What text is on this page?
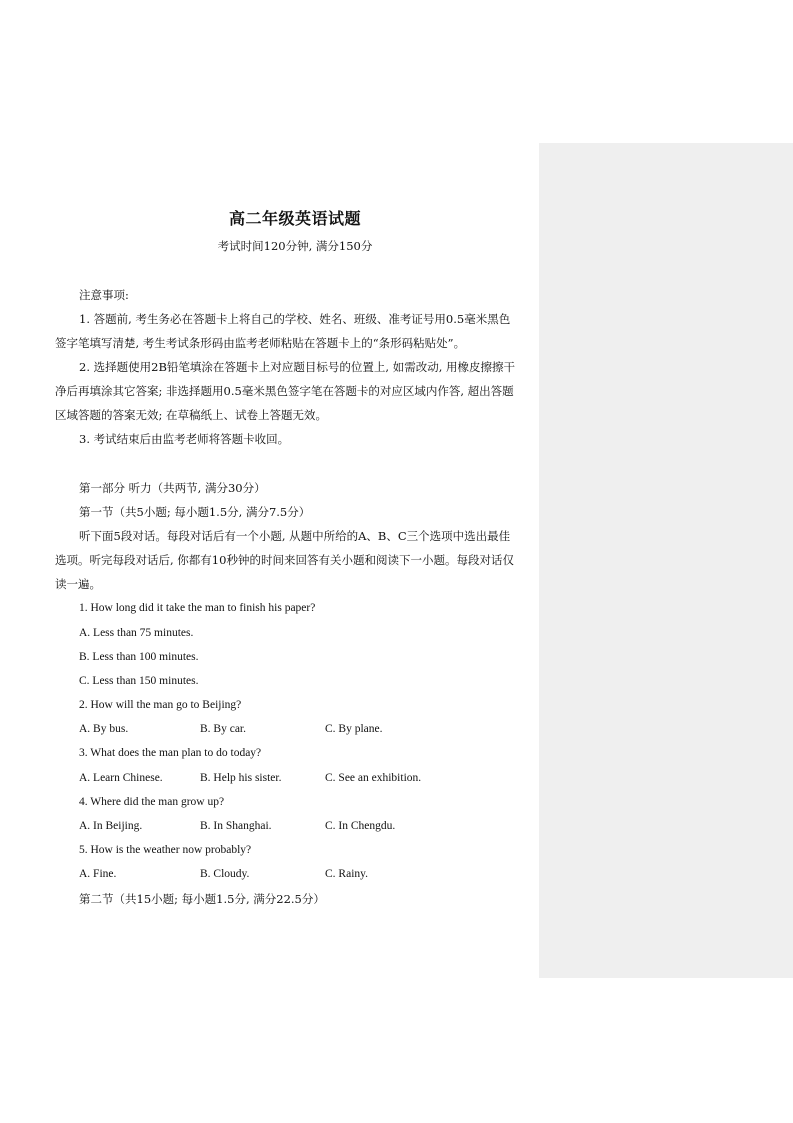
高二年级英语试题
考试时间120分钟, 满分150分
注意事项:
1. 答题前, 考生务必在答题卡上将自己的学校、姓名、班级、准考证号用0.5毫米黑色
签字笔填写清楚, 考生考试条形码由监考老师粘贴在答题卡上的“条形码粘贴处”。
2. 选择题使用2B铅笔填涂在答题卡上对应题目标号的位置上, 如需改动, 用橡皮擦擦干
净后再填涂其它答案; 非选择题用0.5毫米黑色签字笔在答题卡的对应区域内作答, 超出答题
区域答题的答案无效; 在草稿纸上、试卷上答题无效。
3. 考试结束后由监考老师将答题卡收回。
第一部分 听力（共两节, 满分30分）
第一节（共5小题; 每小题1.5分, 满分7.5分）
听下面5段对话。每段对话后有一个小题, 从题中所给的A、B、C三个选项中选出最佳
选项。听完每段对话后, 你都有10秒钟的时间来回答有关小题和阅读下一小题。每段对话仅
读一遍。
1. How long did it take the man to finish his paper?
A. Less than 75 minutes.
B. Less than 100 minutes.
C. Less than 150 minutes.
2. How will the man go to Beijing?
A. By bus.	B. By car.	C. By plane.
3. What does the man plan to do today?
A. Learn Chinese.	B. Help his sister.	C. See an exhibition.
4. Where did the man grow up?
A. In Beijing.	B. In Shanghai.	C. In Chengdu.
5. How is the weather now probably?
A. Fine.	B. Cloudy.	C. Rainy.
第二节（共15小题; 每小题1.5分, 满分22.5分）
